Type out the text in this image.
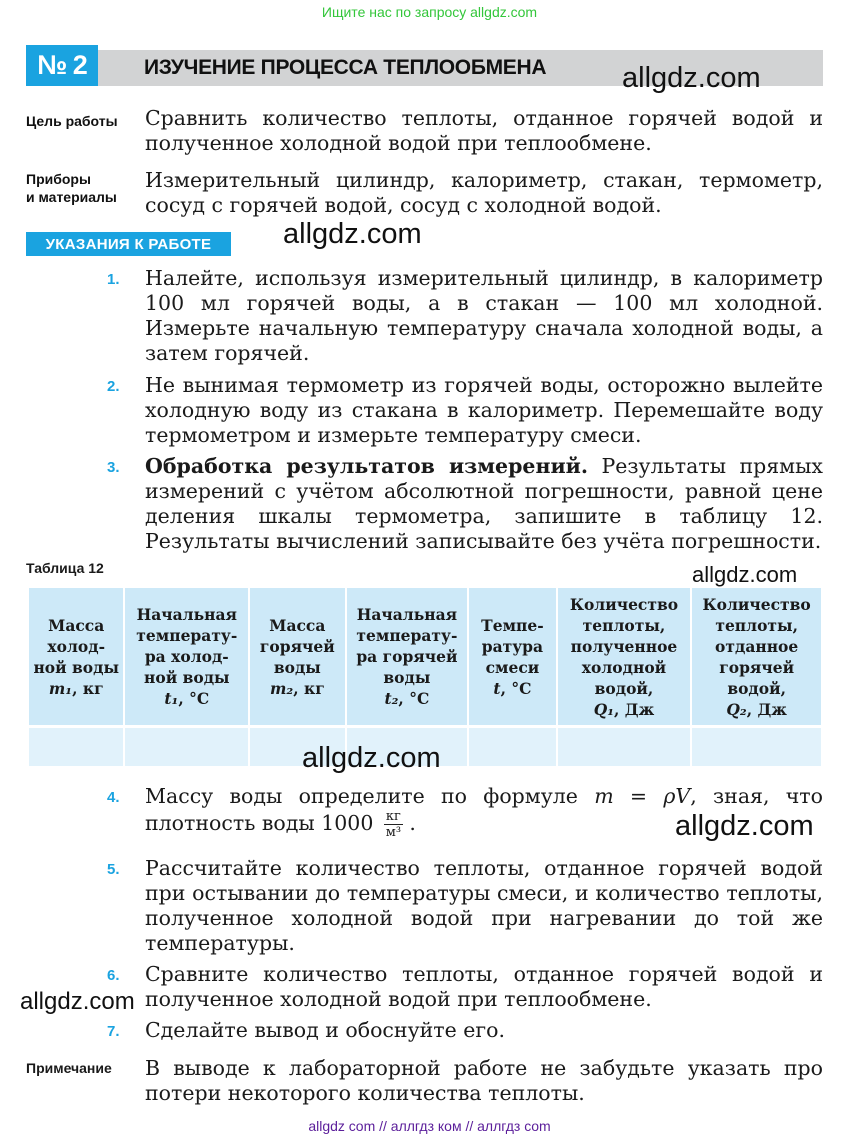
Ищите нас по запросу allgdz.com
№ 2	ИЗУЧЕНИЕ ПРОЦЕССА ТЕПЛООБМЕНА	allgdz.com
Цель работы Сравнить количество теплоты, отданное горячей водой и полученное холодной водой при теплообмене.
Приборы
и материалы
Измерительный цилиндр, калориметр, стакан, термометр, сосуд с горячей водой, сосуд с холодной водой.
УКАЗАНИЯ К РАБОТЕ	allgdz.com
1. Налейте, используя измерительный цилиндр, в калориметр 100 мл горячей воды, а в стакан — 100 мл холодной. Измерьте начальную температуру сначала холодной воды, а затем горячей.
2. Не вынимая термометр из горячей воды, осторожно вылейте холодную воду из стакана в калориметр. Перемешайте воду термометром и измерьте температуру смеси.
3. Обработка результатов измерений. Результаты прямых измерений с учётом абсолютной погрешности, равной цене деления шкалы термометра, запишите в таблицу 12. Результаты вычислений записывайте без учёта погрешности.
Таблица 12	allgdz.com
Масса холод-ной воды
m₁, кг	Начальная температу-ра холод-ной воды
t₁, °C	Масса горячей воды
m₂, кг	Начальная температу-ра горячей воды
t₂, °C	Темпе-ратура смеси
t, °C	Количество теплоты, полученное холодной водой,
Q₁, Дж	Количество теплоты, отданное горячей водой,
Q₂, Дж

allgdz.com
4. Массу воды определите по формуле m = ρV, зная, что плотность воды $1000 \frac{кг}{\text{м³}}$ .	allgdz.com
5. Рассчитайте количество теплоты, отданное горячей водой при остывании до температуры смеси, и количество теплоты, полученное холодной водой при нагревании до той же температуры.
6. Сравните количество теплоты, отданное горячей водой и полученное холодной водой при теплообмене.
allgdz.com
7. Сделайте вывод и обоснуйте его.
Примечание В выводе к лабораторной работе не забудьте указать про потери некоторого количества теплоты.
allgdz com // аллгдз ком // аллгдз com
